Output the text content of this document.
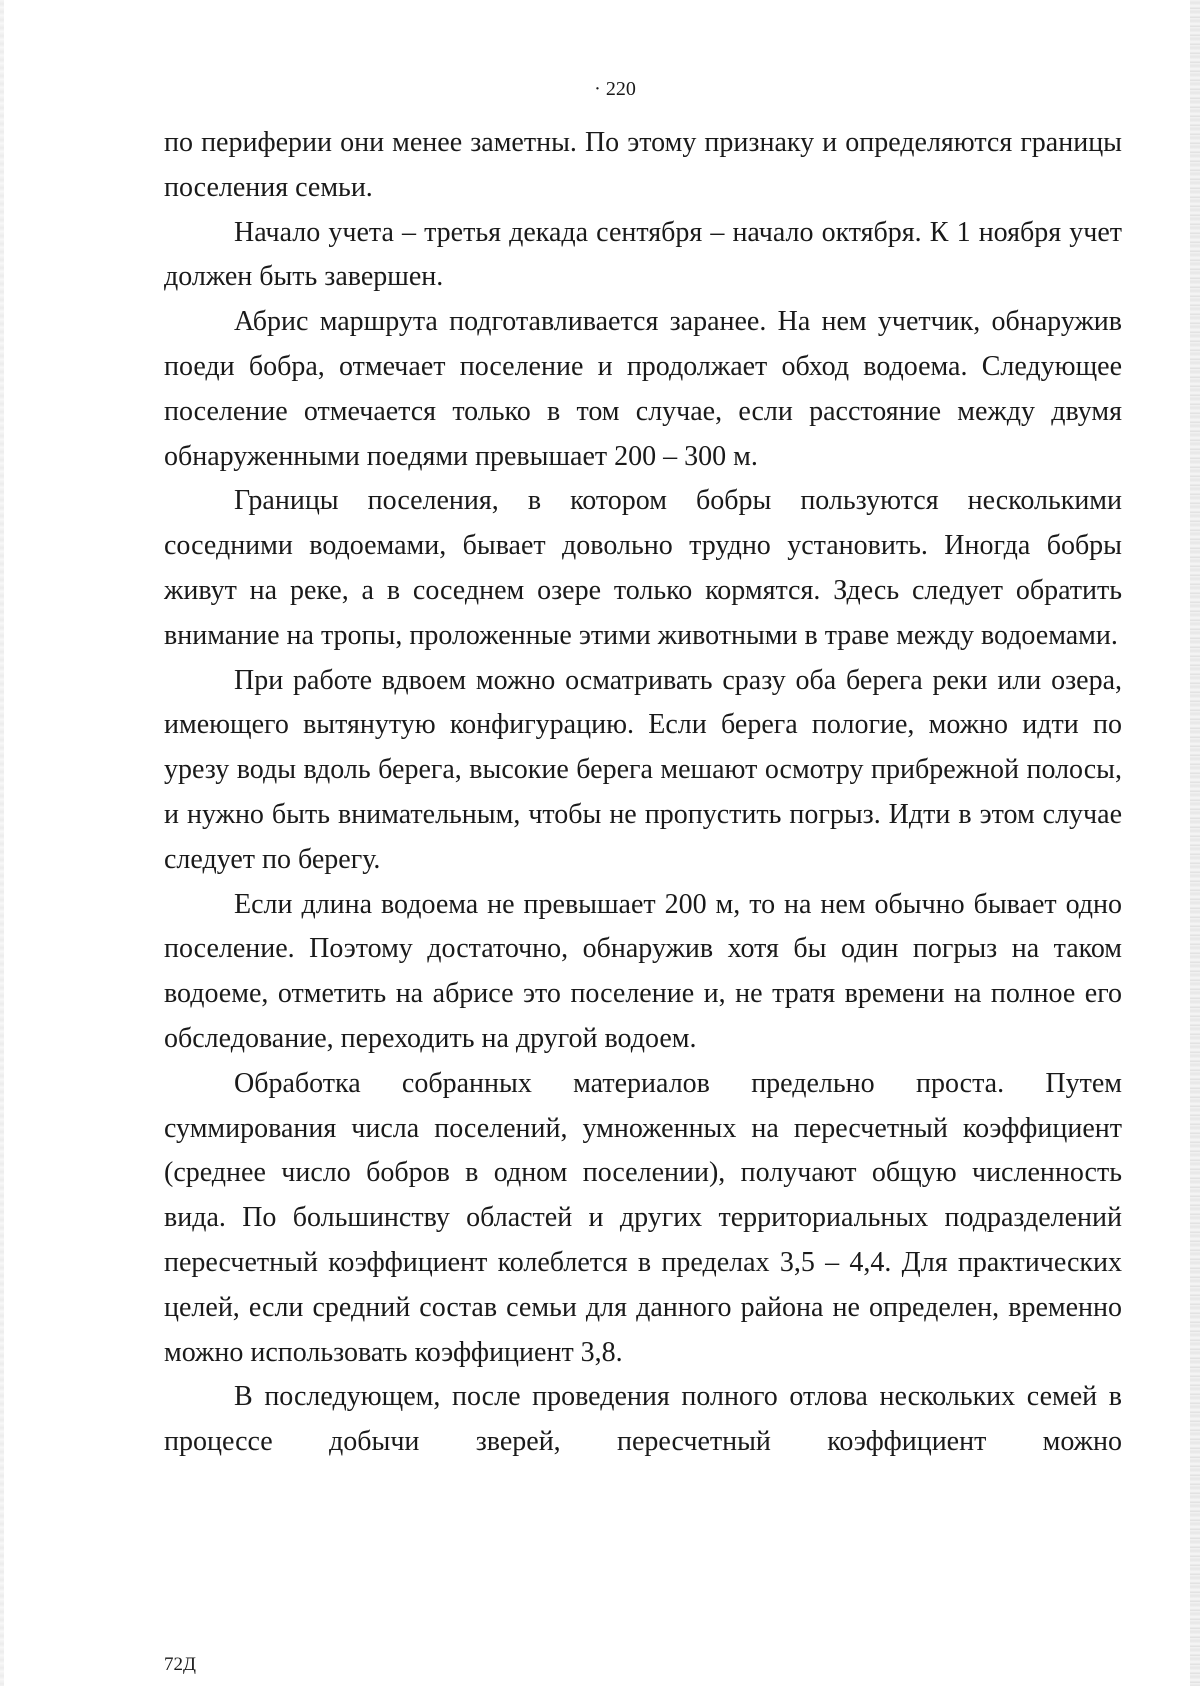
· 220

по периферии они менее заметны. По этому признаку и определяются границы поселения семьи.

Начало учета – третья декада сентября – начало октября. К 1 ноября учет должен быть завершен.

Абрис маршрута подготавливается заранее. На нем учетчик, обнаружив поеди бобра, отмечает поселение и продолжает обход водоема. Следующее поселение отмечается только в том случае, если расстояние между двумя обнаруженными поедями превышает 200 – 300 м.

Границы поселения, в котором бобры пользуются несколькими соседними водоемами, бывает довольно трудно установить. Иногда бобры живут на реке, а в соседнем озере только кормятся. Здесь следует обратить внимание на тропы, проложенные этими животными в траве между водоемами.

При работе вдвоем можно осматривать сразу оба берега реки или озера, имеющего вытянутую конфигурацию. Если берега пологие, можно идти по урезу воды вдоль берега, высокие берега мешают осмотру прибрежной полосы, и нужно быть внимательным, чтобы не пропустить погрыз. Идти в этом случае следует по берегу.

Если длина водоема не превышает 200 м, то на нем обычно бывает одно поселение. Поэтому достаточно, обнаружив хотя бы один погрыз на таком водоеме, отметить на абрисе это поселение и, не тратя времени на полное его обследование, переходить на другой водоем.

Обработка собранных материалов предельно проста. Путем суммирования числа поселений, умноженных на пересчетный коэффициент (среднее число бобров в одном поселении), получают общую численность вида. По большинству областей и других территориальных подразделений пересчетный коэффициент колеблется в пределах 3,5 – 4,4. Для практических целей, если средний состав семьи для данного района не определен, временно можно использовать коэффициент 3,8.

В последующем, после проведения полного отлова нескольких семей в процессе добычи зверей, пересчетный коэффициент можно

72Д
